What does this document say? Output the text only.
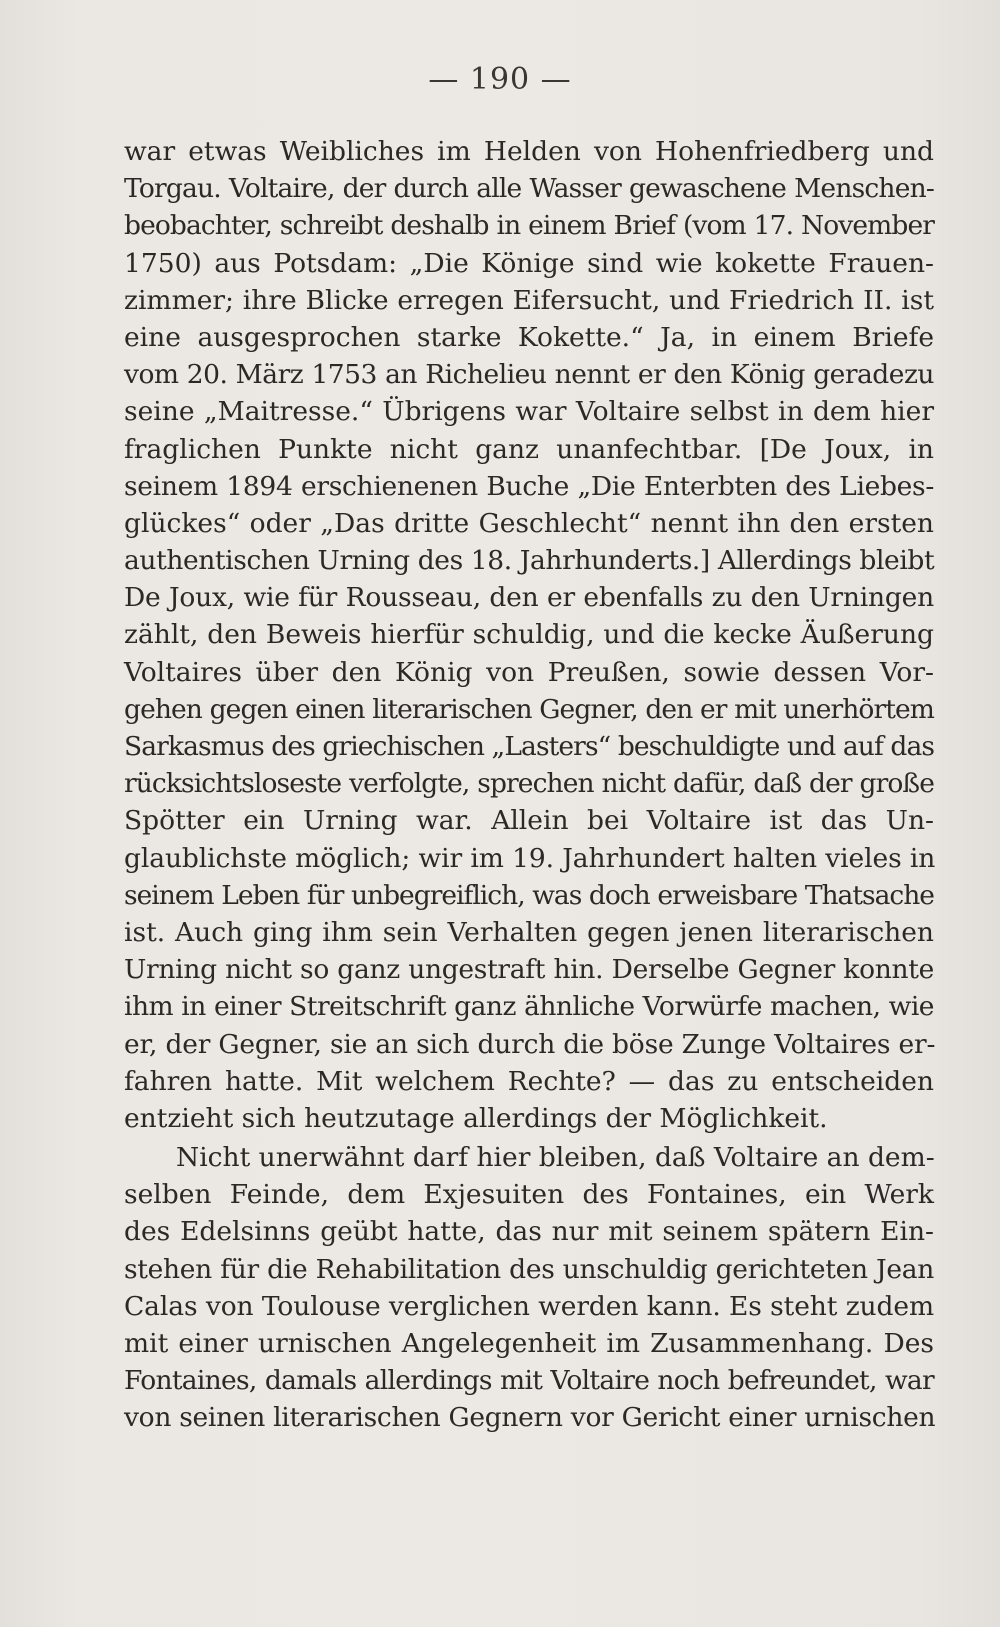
— 190 —
war etwas Weibliches im Helden von Hohenfriedberg und
Torgau. Voltaire, der durch alle Wasser gewaschene Menschen-
beobachter, schreibt deshalb in einem Brief (vom 17. November
1750) aus Potsdam: „Die Könige sind wie kokette Frauen-
zimmer; ihre Blicke erregen Eifersucht, und Friedrich II. ist
eine ausgesprochen starke Kokette.“ Ja, in einem Briefe
vom 20. März 1753 an Richelieu nennt er den König geradezu
seine „Maitresse.“ Übrigens war Voltaire selbst in dem hier
fraglichen Punkte nicht ganz unanfechtbar. [De Joux, in
seinem 1894 erschienenen Buche „Die Enterbten des Liebes-
glückes“ oder „Das dritte Geschlecht“ nennt ihn den ersten
authentischen Urning des 18. Jahrhunderts.] Allerdings bleibt
De Joux, wie für Rousseau, den er ebenfalls zu den Urningen
zählt, den Beweis hierfür schuldig, und die kecke Äußerung
Voltaires über den König von Preußen, sowie dessen Vor-
gehen gegen einen literarischen Gegner, den er mit unerhörtem
Sarkasmus des griechischen „Lasters“ beschuldigte und auf das
rücksichtsloseste verfolgte, sprechen nicht dafür, daß der große
Spötter ein Urning war. Allein bei Voltaire ist das Un-
glaublichste möglich; wir im 19. Jahrhundert halten vieles in
seinem Leben für unbegreiflich, was doch erweisbare Thatsache
ist. Auch ging ihm sein Verhalten gegen jenen literarischen
Urning nicht so ganz ungestraft hin. Derselbe Gegner konnte
ihm in einer Streitschrift ganz ähnliche Vorwürfe machen, wie
er, der Gegner, sie an sich durch die böse Zunge Voltaires er-
fahren hatte. Mit welchem Rechte? — das zu entscheiden
entzieht sich heutzutage allerdings der Möglichkeit.
Nicht unerwähnt darf hier bleiben, daß Voltaire an dem-
selben Feinde, dem Exjesuiten des Fontaines, ein Werk
des Edelsinns geübt hatte, das nur mit seinem spätern Ein-
stehen für die Rehabilitation des unschuldig gerichteten Jean
Calas von Toulouse verglichen werden kann. Es steht zudem
mit einer urnischen Angelegenheit im Zusammenhang. Des
Fontaines, damals allerdings mit Voltaire noch befreundet, war
von seinen literarischen Gegnern vor Gericht einer urnischen
